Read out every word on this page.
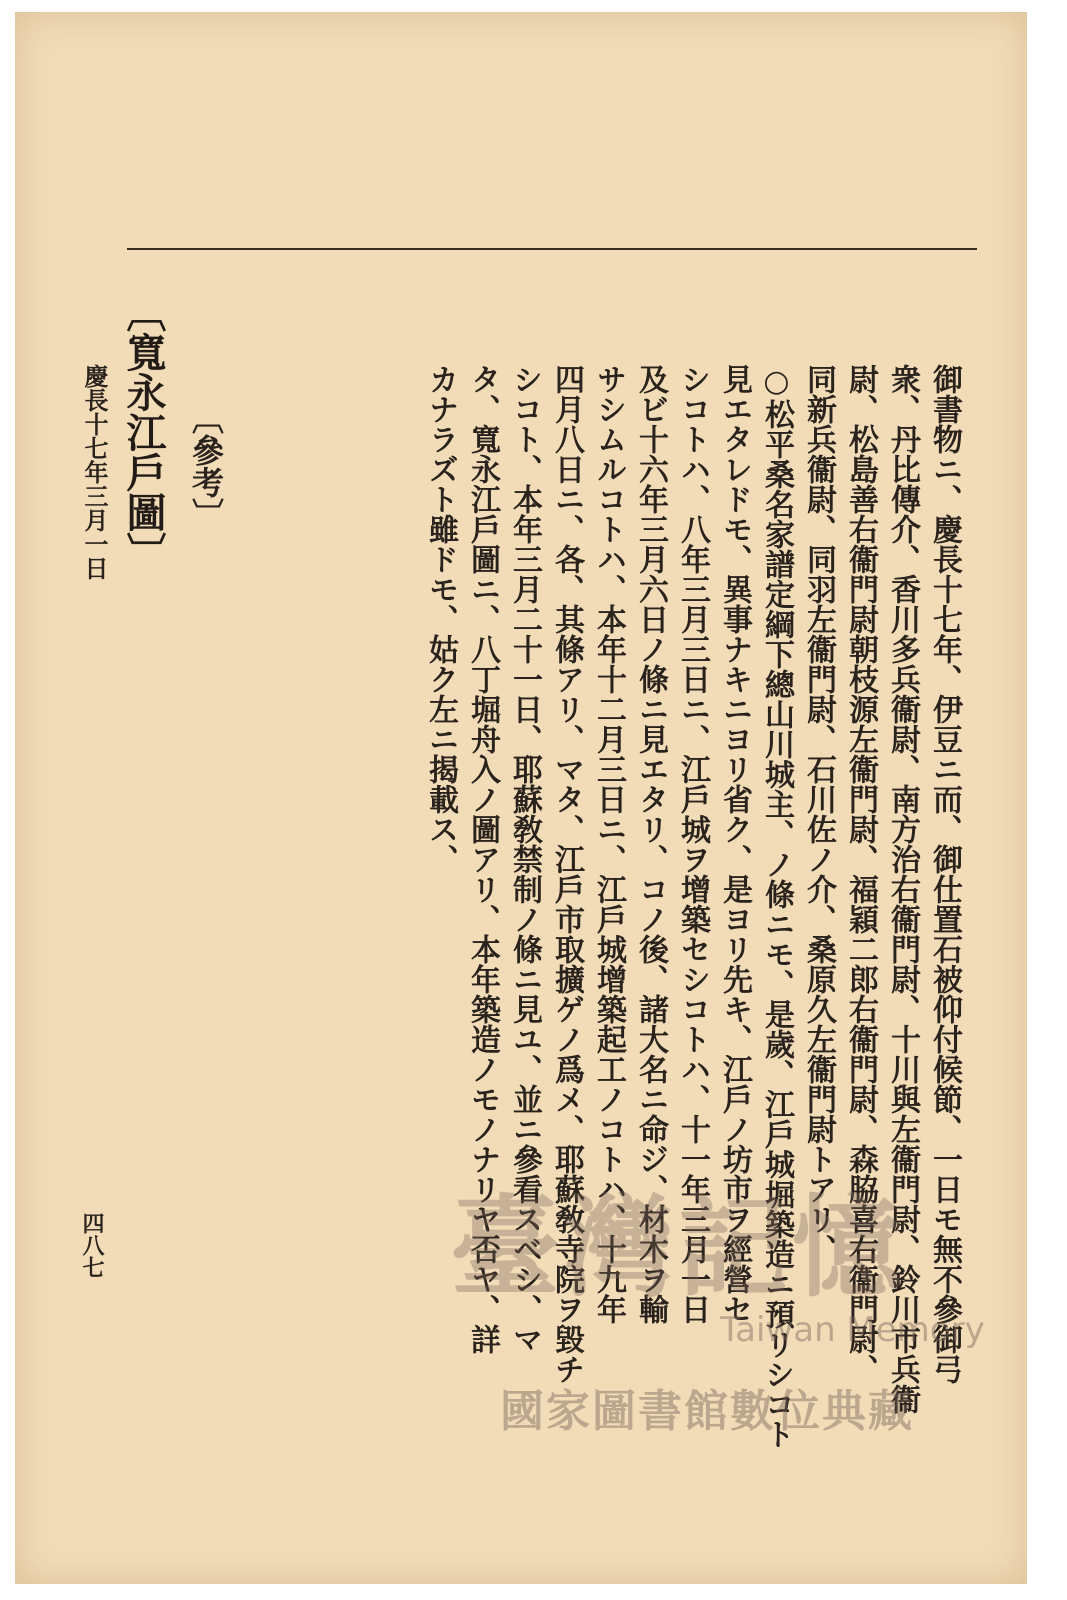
御書物ニ、慶長十七年、伊豆ニ而、御仕置石被仰付候節、一日モ無不參御弓
衆、丹比傳介、香川多兵衞尉、南方治右衞門尉、十川與左衞門尉、鈴川市兵衞
尉、松島善右衞門尉朝枝源左衞門尉、福穎二郎右衞門尉、森脇喜右衞門尉、
同新兵衞尉、同羽左衞門尉、石川佐ノ介、桑原久左衞門尉トアリ、
○松平桑名家譜定綱下總山川城主、ノ條ニモ、是歲、江戶城堀築造ニ預リシコト
見エタレドモ、異事ナキニヨリ省ク、是ヨリ先キ、江戶ノ坊市ヲ經營セ
シコトハ、八年三月三日ニ、江戶城ヲ增築セシコトハ、十一年三月一日
及ビ十六年三月六日ノ條ニ見エタリ、コノ後、諸大名ニ命ジ、材木ヲ輸
サシムルコトハ、本年十二月三日ニ、江戶城增築起工ノコトハ、十九年
四月八日ニ、各、其條アリ、マタ、江戶市取擴ゲノ爲メ、耶蘇敎寺院ヲ毀チ
シコト、本年三月二十一日、耶蘇敎禁制ノ條ニ見ユ、並ニ參看スベシ、マ
タ、寬永江戶圖ニ、八丁堀舟入ノ圖アリ、本年築造ノモノナリヤ否ヤ、詳
カナラズト雖ドモ、姑ク左ニ揭載ス、
〔參考〕
〔寬永江戶圖〕
慶長十七年三月一日
四八七	臺灣記憶
Taiwan Memory
國家圖書館數位典藏
